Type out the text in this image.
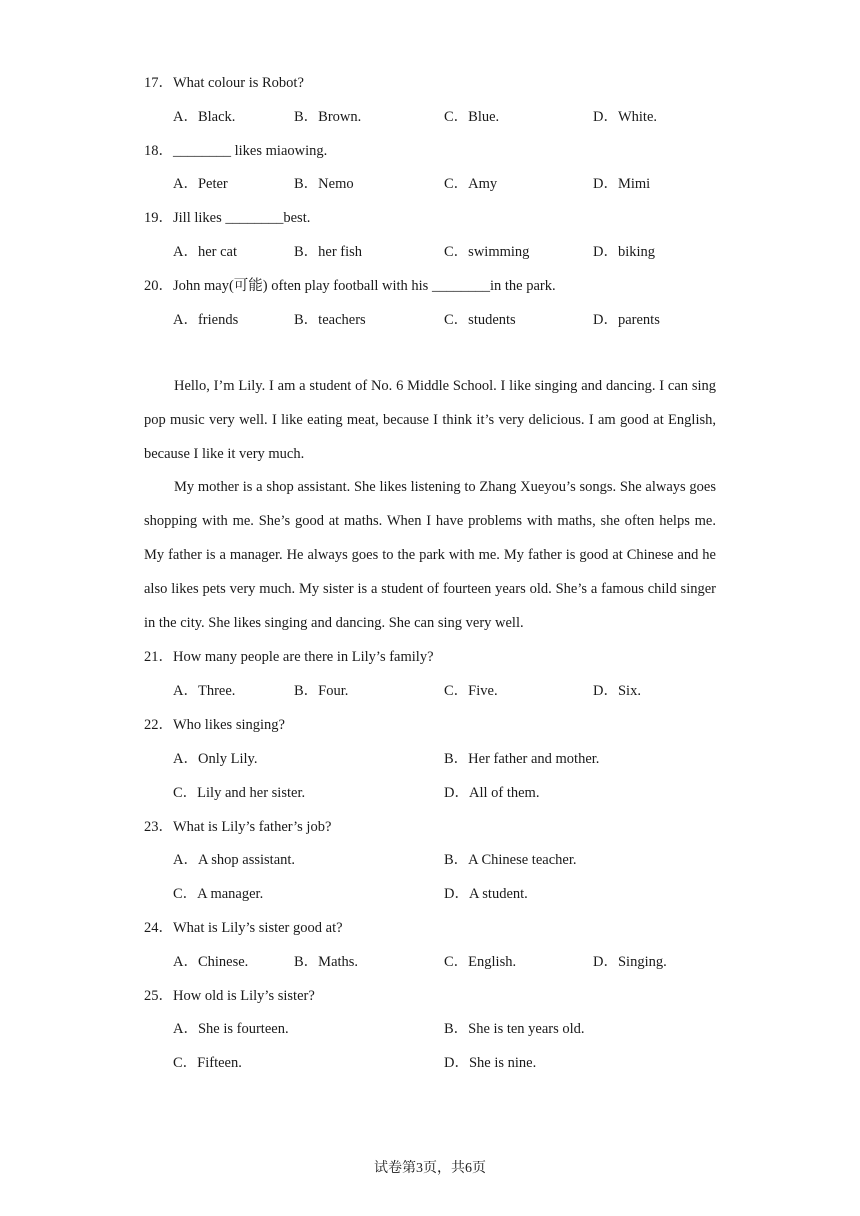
17．What colour is Robot?
A．Black.	B．Brown.	C．Blue.	D．White.
18．________ likes miaowing.
A．Peter	B．Nemo	C．Amy	D．Mimi
19．Jill likes ________best.
A．her cat	B．her fish	C．swimming	D．biking
20．John may(可能) often play football with his ________in the park.
A．friends	B．teachers	C．students	D．parents

Hello, I’m Lily. I am a student of No. 6 Middle School. I like singing and dancing. I can sing pop music very well. I like eating meat, because I think it’s very delicious. I am good at English, because I like it very much.

My mother is a shop assistant. She likes listening to Zhang Xueyou’s songs. She always goes shopping with me. She’s good at maths. When I have problems with maths, she often helps me. My father is a manager. He always goes to the park with me. My father is good at Chinese and he also likes pets very much. My sister is a student of fourteen years old. She’s a famous child singer in the city. She likes singing and dancing. She can sing very well.

21．How many people are there in Lily’s family?
A．Three.	B．Four.	C．Five.	D．Six.
22．Who likes singing?
A．Only Lily.	B．Her father and mother.
C．Lily and her sister.	D．All of them.
23．What is Lily’s father’s job?
A．A shop assistant.	B．A Chinese teacher.
C．A manager.	D．A student.
24．What is Lily’s sister good at?
A．Chinese.	B．Maths.	C．English.	D．Singing.
25．How old is Lily’s sister?
A．She is fourteen.	B．She is ten years old.
C．Fifteen.	D．She is nine.
试卷第3页，共6页
